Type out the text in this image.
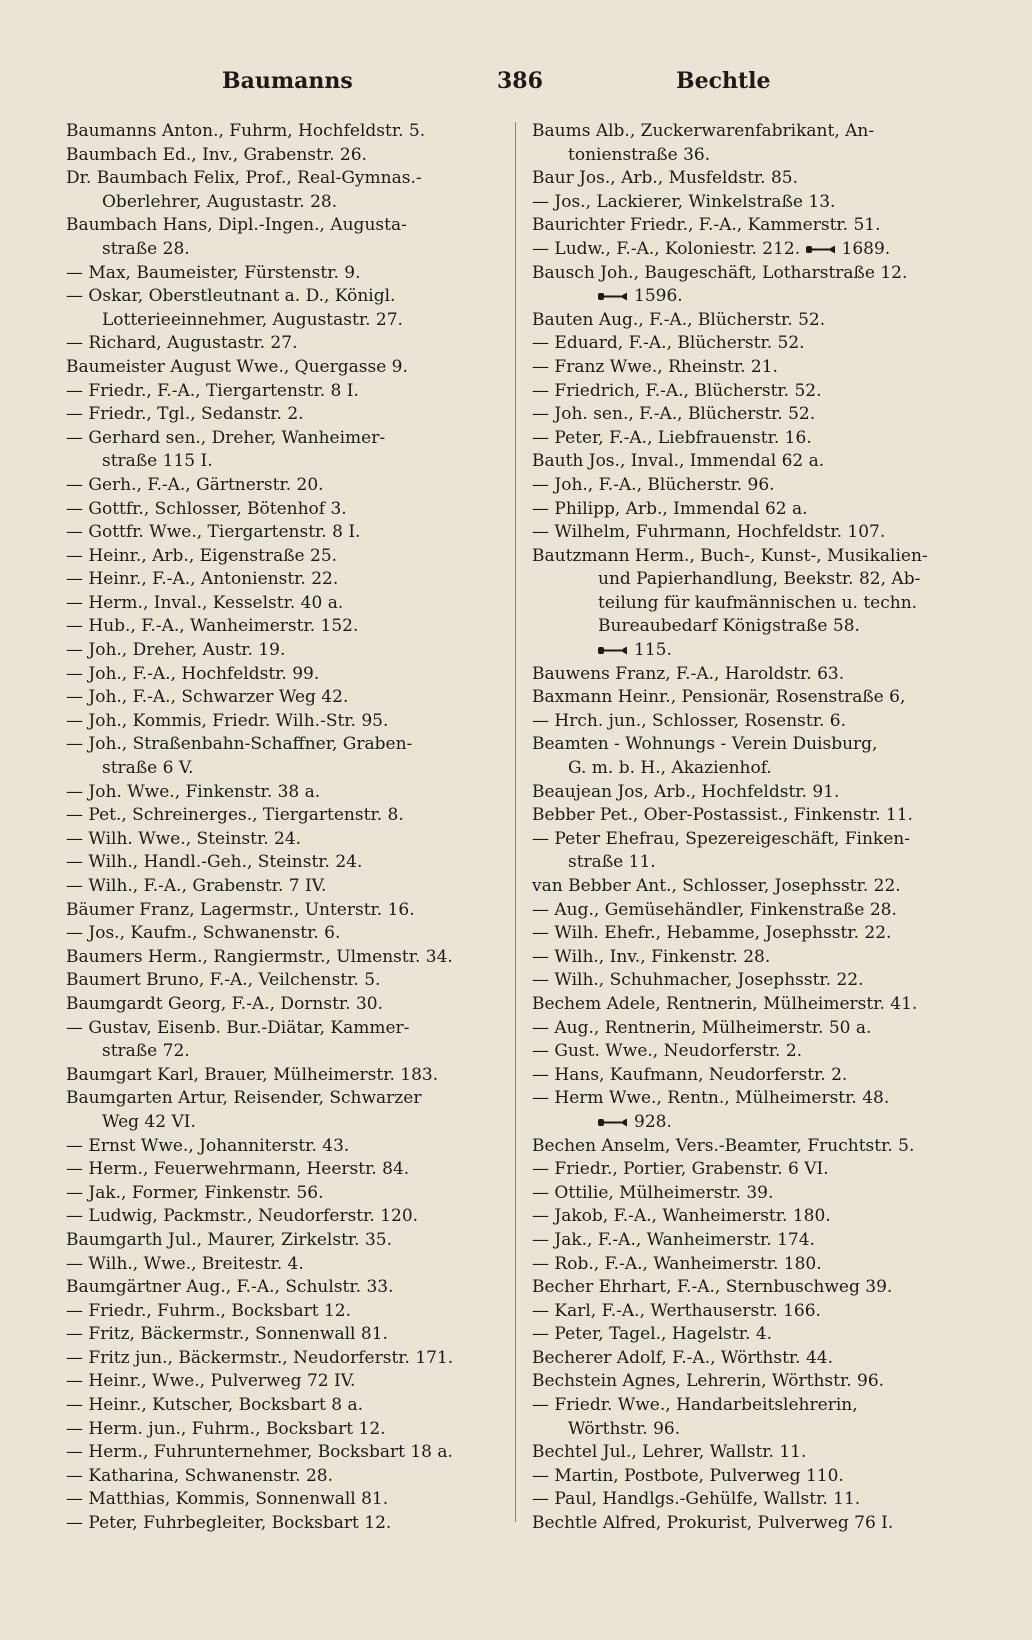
Baumanns	386	Bechtle
Baumanns Anton., Fuhrm, Hochfeldstr. 5.
Baumbach Ed., Inv., Grabenstr. 26.
Dr. Baumbach Felix, Prof., Real-Gymnas.-
Oberlehrer, Augustastr. 28.
Baumbach Hans, Dipl.-Ingen., Augusta-
straße 28.
— Max, Baumeister, Fürstenstr. 9.
— Oskar, Oberstleutnant a. D., Königl.
Lotterieeinnehmer, Augustastr. 27.
— Richard, Augustastr. 27.
Baumeister August Wwe., Quergasse 9.
— Friedr., F.-A., Tiergartenstr. 8 I.
— Friedr., Tgl., Sedanstr. 2.
— Gerhard sen., Dreher, Wanheimer-
straße 115 I.
— Gerh., F.-A., Gärtnerstr. 20.
— Gottfr., Schlosser, Bötenhof 3.
— Gottfr. Wwe., Tiergartenstr. 8 I.
— Heinr., Arb., Eigenstraße 25.
— Heinr., F.-A., Antonienstr. 22.
— Herm., Inval., Kesselstr. 40 a.
— Hub., F.-A., Wanheimerstr. 152.
— Joh., Dreher, Austr. 19.
— Joh., F.-A., Hochfeldstr. 99.
— Joh., F.-A., Schwarzer Weg 42.
— Joh., Kommis, Friedr. Wilh.-Str. 95.
— Joh., Straßenbahn-Schaffner, Graben-
straße 6 V.
— Joh. Wwe., Finkenstr. 38 a.
— Pet., Schreinerges., Tiergartenstr. 8.
— Wilh. Wwe., Steinstr. 24.
— Wilh., Handl.-Geh., Steinstr. 24.
— Wilh., F.-A., Grabenstr. 7 IV.
Bäumer Franz, Lagermstr., Unterstr. 16.
— Jos., Kaufm., Schwanenstr. 6.
Baumers Herm., Rangiermstr., Ulmenstr. 34.
Baumert Bruno, F.-A., Veilchenstr. 5.
Baumgardt Georg, F.-A., Dornstr. 30.
— Gustav, Eisenb. Bur.-Diätar, Kammer-
straße 72.
Baumgart Karl, Brauer, Mülheimerstr. 183.
Baumgarten Artur, Reisender, Schwarzer
Weg 42 VI.
— Ernst Wwe., Johanniterstr. 43.
— Herm., Feuerwehrmann, Heerstr. 84.
— Jak., Former, Finkenstr. 56.
— Ludwig, Packmstr., Neudorferstr. 120.
Baumgarth Jul., Maurer, Zirkelstr. 35.
— Wilh., Wwe., Breitestr. 4.
Baumgärtner Aug., F.-A., Schulstr. 33.
— Friedr., Fuhrm., Bocksbart 12.
— Fritz, Bäckermstr., Sonnenwall 81.
— Fritz jun., Bäckermstr., Neudorferstr. 171.
— Heinr., Wwe., Pulverweg 72 IV.
— Heinr., Kutscher, Bocksbart 8 a.
— Herm. jun., Fuhrm., Bocksbart 12.
— Herm., Fuhrunternehmer, Bocksbart 18 a.
— Katharina, Schwanenstr. 28.
— Matthias, Kommis, Sonnenwall 81.
— Peter, Fuhrbegleiter, Bocksbart 12.
Baums Alb., Zuckerwarenfabrikant, An-
tonienstraße 36.
Baur Jos., Arb., Musfeldstr. 85.
— Jos., Lackierer, Winkelstraße 13.
Baurichter Friedr., F.-A., Kammerstr. 51.
— Ludw., F.-A., Koloniestr. 212. 1689.
Bausch Joh., Baugeschäft, Lotharstraße 12.
1596.
Bauten Aug., F.-A., Blücherstr. 52.
— Eduard, F.-A., Blücherstr. 52.
— Franz Wwe., Rheinstr. 21.
— Friedrich, F.-A., Blücherstr. 52.
— Joh. sen., F.-A., Blücherstr. 52.
— Peter, F.-A., Liebfrauenstr. 16.
Bauth Jos., Inval., Immendal 62 a.
— Joh., F.-A., Blücherstr. 96.
— Philipp, Arb., Immendal 62 a.
— Wilhelm, Fuhrmann, Hochfeldstr. 107.
Bautzmann Herm., Buch-, Kunst-, Musikalien-
und Papierhandlung, Beekstr. 82, Ab-
teilung für kaufmännischen u. techn.
Bureaubedarf Königstraße 58.
115.
Bauwens Franz, F.-A., Haroldstr. 63.
Baxmann Heinr., Pensionär, Rosenstraße 6,
— Hrch. jun., Schlosser, Rosenstr. 6.
Beamten - Wohnungs - Verein Duisburg,
G. m. b. H., Akazienhof.
Beaujean Jos, Arb., Hochfeldstr. 91.
Bebber Pet., Ober-Postassist., Finkenstr. 11.
— Peter Ehefrau, Spezereigeschäft, Finken-
straße 11.
van Bebber Ant., Schlosser, Josephsstr. 22.
— Aug., Gemüsehändler, Finkenstraße 28.
— Wilh. Ehefr., Hebamme, Josephsstr. 22.
— Wilh., Inv., Finkenstr. 28.
— Wilh., Schuhmacher, Josephsstr. 22.
Bechem Adele, Rentnerin, Mülheimerstr. 41.
— Aug., Rentnerin, Mülheimerstr. 50 a.
— Gust. Wwe., Neudorferstr. 2.
— Hans, Kaufmann, Neudorferstr. 2.
— Herm Wwe., Rentn., Mülheimerstr. 48.
928.
Bechen Anselm, Vers.-Beamter, Fruchtstr. 5.
— Friedr., Portier, Grabenstr. 6 VI.
— Ottilie, Mülheimerstr. 39.
— Jakob, F.-A., Wanheimerstr. 180.
— Jak., F.-A., Wanheimerstr. 174.
— Rob., F.-A., Wanheimerstr. 180.
Becher Ehrhart, F.-A., Sternbuschweg 39.
— Karl, F.-A., Werthauserstr. 166.
— Peter, Tagel., Hagelstr. 4.
Becherer Adolf, F.-A., Wörthstr. 44.
Bechstein Agnes, Lehrerin, Wörthstr. 96.
— Friedr. Wwe., Handarbeitslehrerin,
Wörthstr. 96.
Bechtel Jul., Lehrer, Wallstr. 11.
— Martin, Postbote, Pulverweg 110.
— Paul, Handlgs.-Gehülfe, Wallstr. 11.
Bechtle Alfred, Prokurist, Pulverweg 76 I.
